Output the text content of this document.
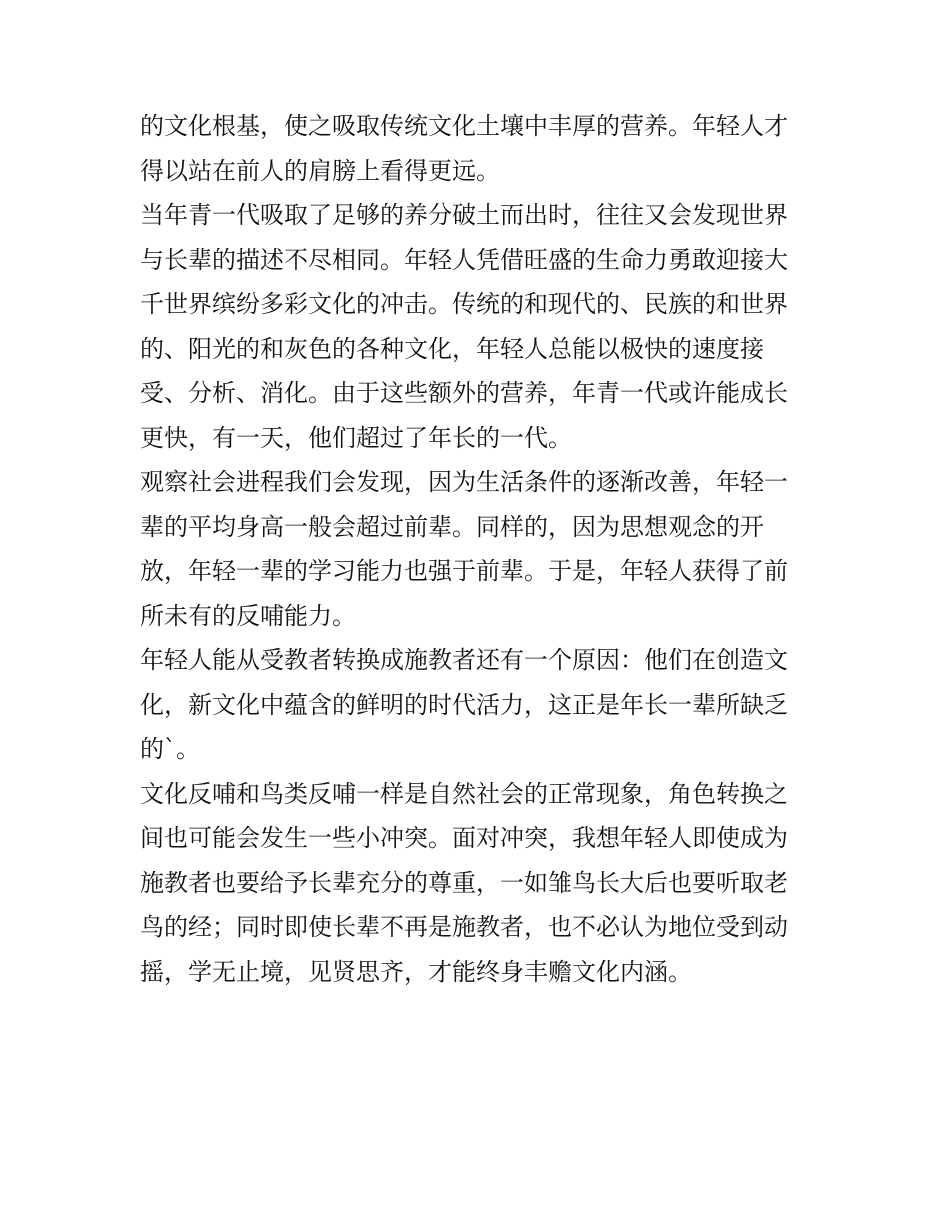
的文化根基，使之吸取传统文化土壤中丰厚的营养。年轻人才
得以站在前人的肩膀上看得更远。
当年青一代吸取了足够的养分破土而出时，往往又会发现世界
与长辈的描述不尽相同。年轻人凭借旺盛的生命力勇敢迎接大
千世界缤纷多彩文化的冲击。传统的和现代的、民族的和世界
的、阳光的和灰色的各种文化，年轻人总能以极快的速度接
受、分析、消化。由于这些额外的营养，年青一代或许能成长
更快，有一天，他们超过了年长的一代。
观察社会进程我们会发现，因为生活条件的逐渐改善，年轻一
辈的平均身高一般会超过前辈。同样的，因为思想观念的开
放，年轻一辈的学习能力也强于前辈。于是，年轻人获得了前
所未有的反哺能力。
年轻人能从受教者转换成施教者还有一个原因：他们在创造文
化，新文化中蕴含的鲜明的时代活力，这正是年长一辈所缺乏
的`。
文化反哺和鸟类反哺一样是自然社会的正常现象，角色转换之
间也可能会发生一些小冲突。面对冲突，我想年轻人即使成为
施教者也要给予长辈充分的尊重，一如雏鸟长大后也要听取老
鸟的经；同时即使长辈不再是施教者，也不必认为地位受到动
摇，学无止境，见贤思齐，才能终身丰赡文化内涵。
